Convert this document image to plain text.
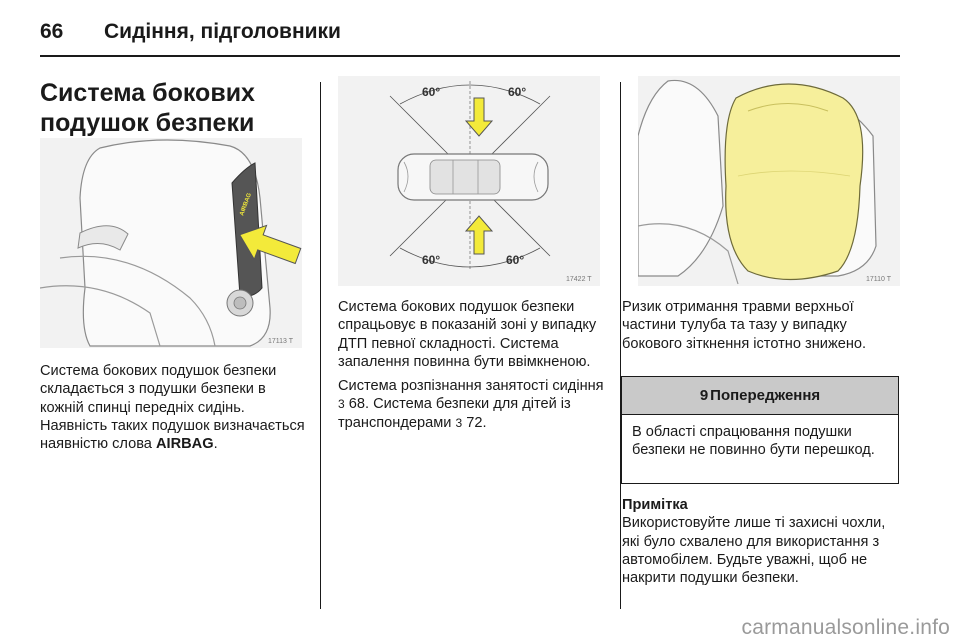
66 Сидіння, підголовники
Система бокових подушок безпеки
AIRBAG
17113 T

Система бокових подушок безпеки складається з подушки безпеки в кожній спинці передніх сидінь. Наявність таких подушок визначається наявністю слова AIRBAG.

60°	60°
60°	60°
17422 T

Система бокових подушок безпеки спрацьовує в показаній зоні у випадку ДТП певної складності. Система запалення повинна бути ввімкненою.

Система розпізнання занятості сидіння 3 68. Система безпеки для дітей із транспондерами 3 72.

17110 T

Ризик отримання травми верхньої частини тулуба та тазу у випадку бокового зіткнення істотно знижено.

9 Попередження
В області спрацювання подушки безпеки не повинно бути перешкод.
Примітка
Використовуйте лише ті захисні чохли, які було схвалено для використання з автомобілем. Будьте уважні, щоб не накрити подушки безпеки.
carmanualsonline.info
